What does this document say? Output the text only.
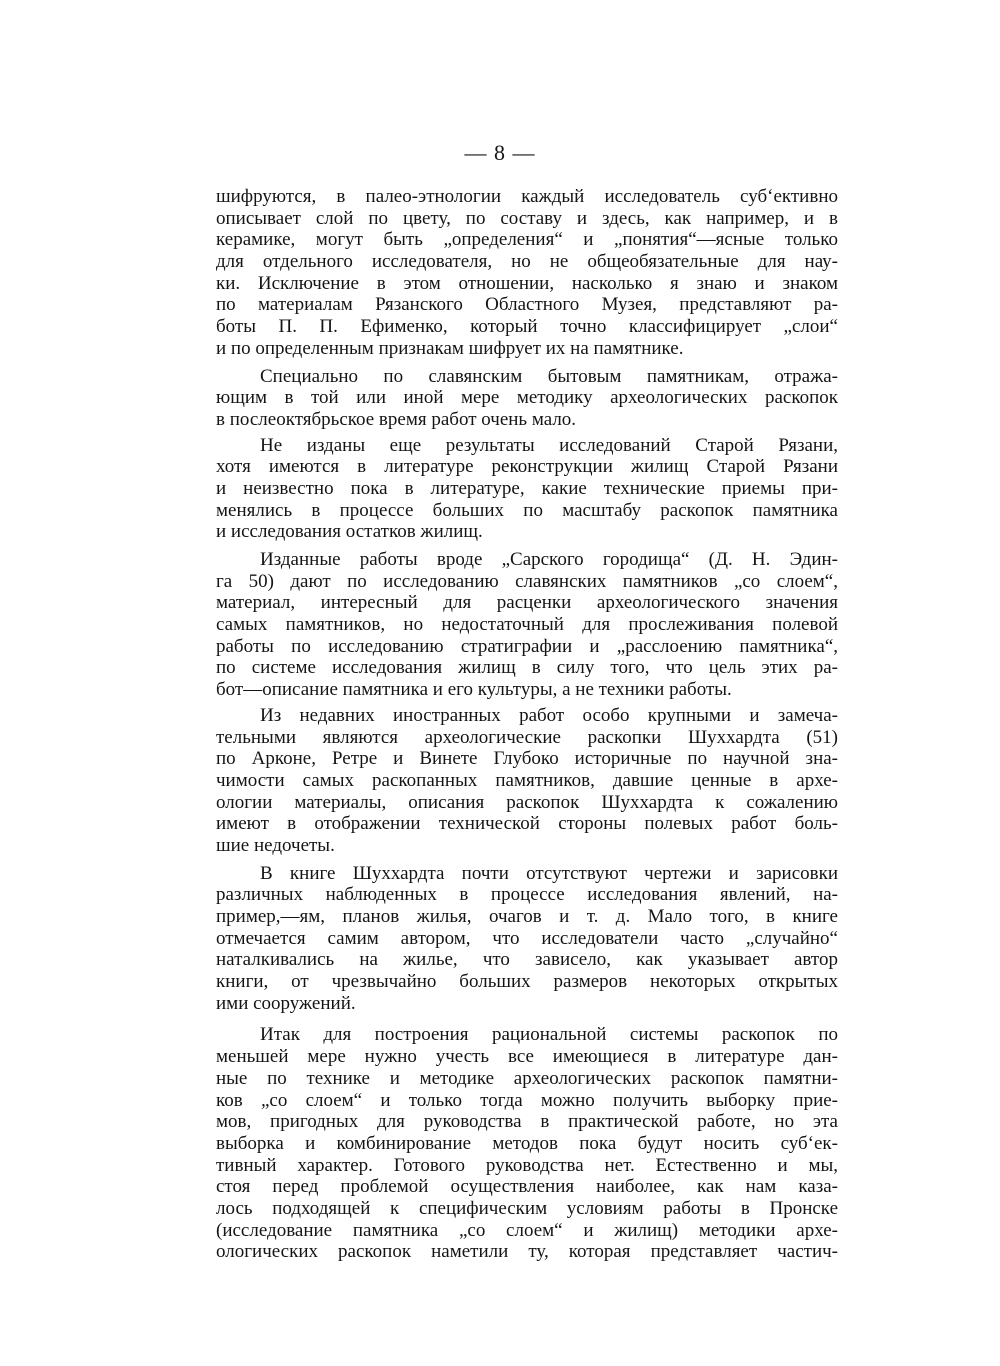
— 8 —
шифруются, в палео-этнологии каждый исследователь суб‘ективно
описывает слой по цвету, по составу и здесь, как например, и в
керамике, могут быть „определения“ и „понятия“—ясные только
для отдельного исследователя, но не общеобязательные для нау-
ки. Исключение в этом отношении, насколько я знаю и знаком
по материалам Рязанского Областного Музея, представляют ра-
боты П. П. Ефименко, который точно классифицирует „слои“
и по определенным признакам шифрует их на памятнике.
Специально по славянским бытовым памятникам, отража-
ющим в той или иной мере методику археологических раскопок
в послеоктябрьское время работ очень мало.
Не изданы еще результаты исследований Старой Рязани,
хотя имеются в литературе реконструкции жилищ Старой Рязани
и неизвестно пока в литературе, какие технические приемы при-
менялись в процессе больших по масштабу раскопок памятника
и исследования остатков жилищ.
Изданные работы вроде „Сарского городища“ (Д. Н. Эдин-
га 50) дают по исследованию славянских памятников „со слоем“,
материал, интересный для расценки археологического значения
самых памятников, но недостаточный для прослеживания полевой
работы по исследованию стратиграфии и „расслоению памятника“,
по системе исследования жилищ в силу того, что цель этих ра-
бот—описание памятника и его культуры, а не техники работы.
Из недавних иностранных работ особо крупными и замеча-
тельными являются археологические раскопки Шуххардта (51)
по Арконе, Ретре и Винете Глубоко историчные по научной зна-
чимости самых раскопанных памятников, давшие ценные в архе-
ологии материалы, описания раскопок Шуххардта к сожалению
имеют в отображении технической стороны полевых работ боль-
шие недочеты.
В книге Шуххардта почти отсутствуют чертежи и зарисовки
различных наблюденных в процессе исследования явлений, на-
пример,—ям, планов жилья, очагов и т. д. Мало того, в книге
отмечается самим автором, что исследователи часто „случайно“
наталкивались на жилье, что зависело, как указывает автор
книги, от чрезвычайно больших размеров некоторых открытых
ими сооружений.
Итак для построения рациональной системы раскопок по
меньшей мере нужно учесть все имеющиеся в литературе дан-
ные по технике и методике археологических раскопок памятни-
ков „со слоем“ и только тогда можно получить выборку прие-
мов, пригодных для руководства в практической работе, но эта
выборка и комбинирование методов пока будут носить суб‘ек-
тивный характер. Готового руководства нет. Естественно и мы,
стоя перед проблемой осуществления наиболее, как нам каза-
лось подходящей к специфическим условиям работы в Пронске
(исследование памятника „со слоем“ и жилищ) методики архе-
ологических раскопок наметили ту, которая представляет частич-
